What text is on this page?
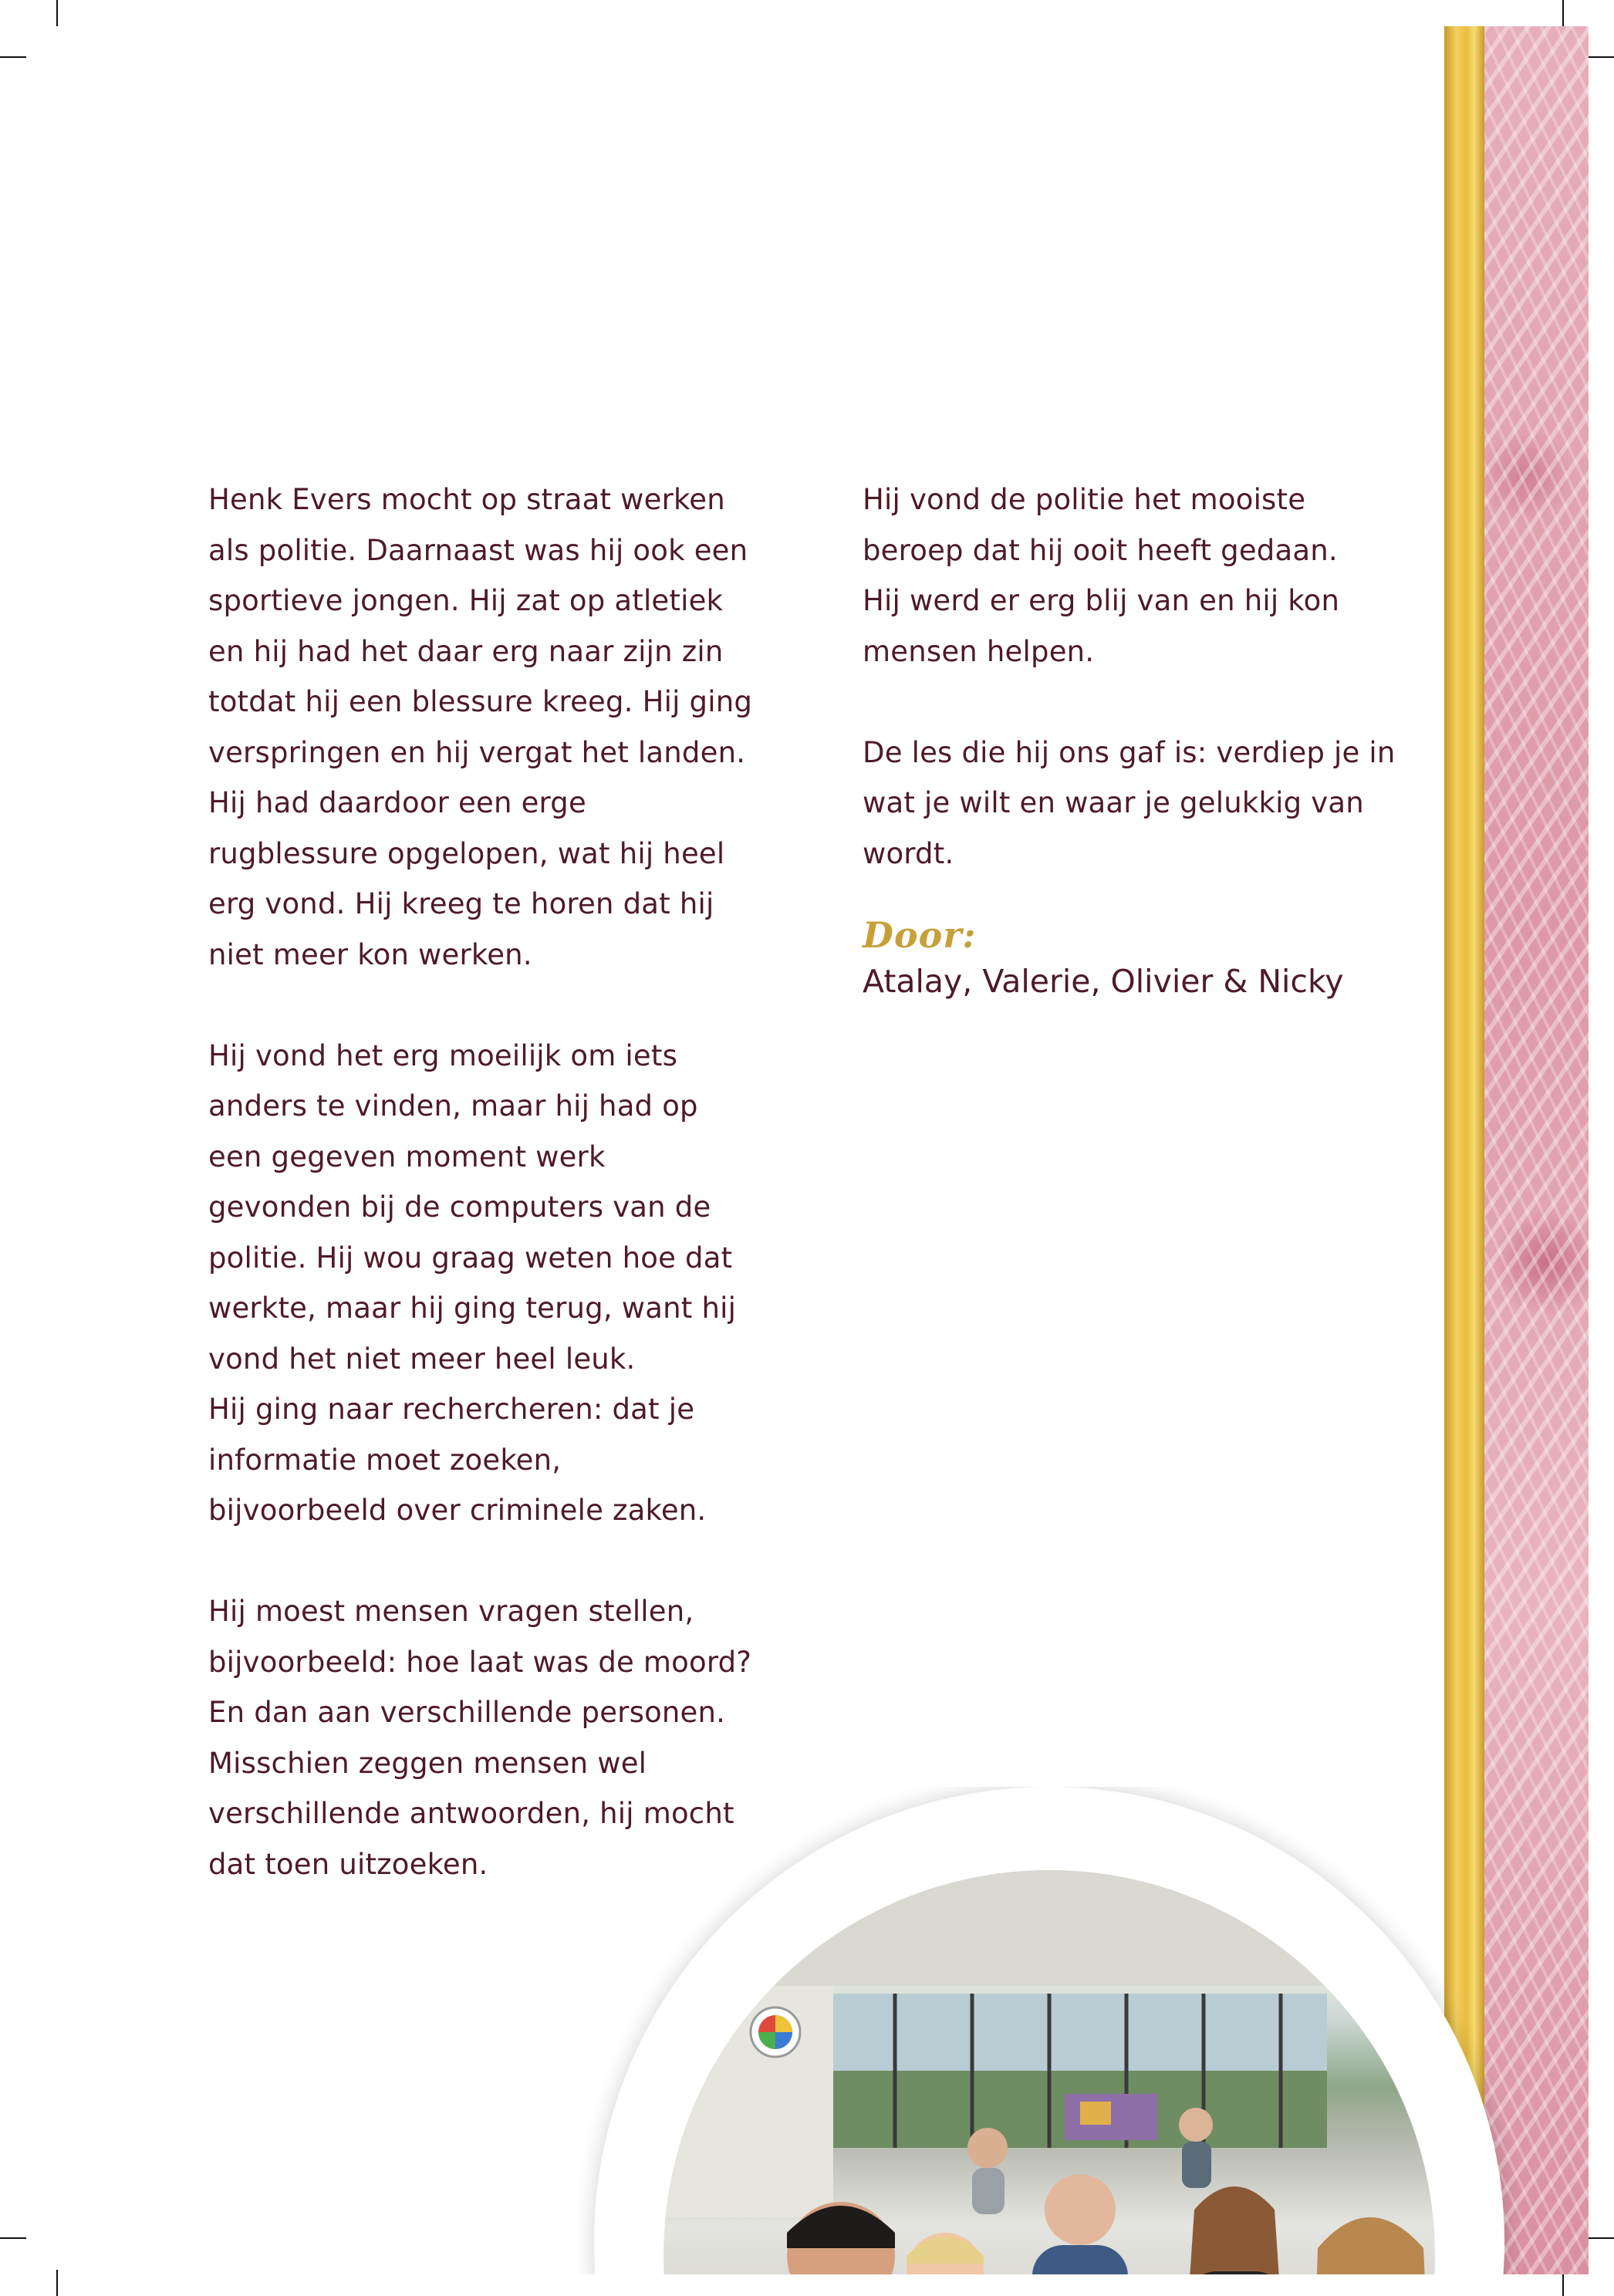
Henk Evers mocht op straat werken
als politie. Daarnaast was hij ook een
sportieve jongen. Hij zat op atletiek
en hij had het daar erg naar zijn zin
totdat hij een blessure kreeg. Hij ging
verspringen en hij vergat het landen.
Hij had daardoor een erge
rugblessure opgelopen, wat hij heel
erg vond. Hij kreeg te horen dat hij
niet meer kon werken.

Hij vond het erg moeilijk om iets
anders te vinden, maar hij had op
een gegeven moment werk
gevonden bij de computers van de
politie. Hij wou graag weten hoe dat
werkte, maar hij ging terug, want hij
vond het niet meer heel leuk.
Hij ging naar rechercheren: dat je
informatie moet zoeken,
bijvoorbeeld over criminele zaken.

Hij moest mensen vragen stellen,
bijvoorbeeld: hoe laat was de moord?
En dan aan verschillende personen.
Misschien zeggen mensen wel
verschillende antwoorden, hij mocht
dat toen uitzoeken.

Hij vond de politie het mooiste
beroep dat hij ooit heeft gedaan.
Hij werd er erg blij van en hij kon
mensen helpen.

De les die hij ons gaf is: verdiep je in
wat je wilt en waar je gelukkig van
wordt.

Door:
Atalay, Valerie, Olivier & Nicky
